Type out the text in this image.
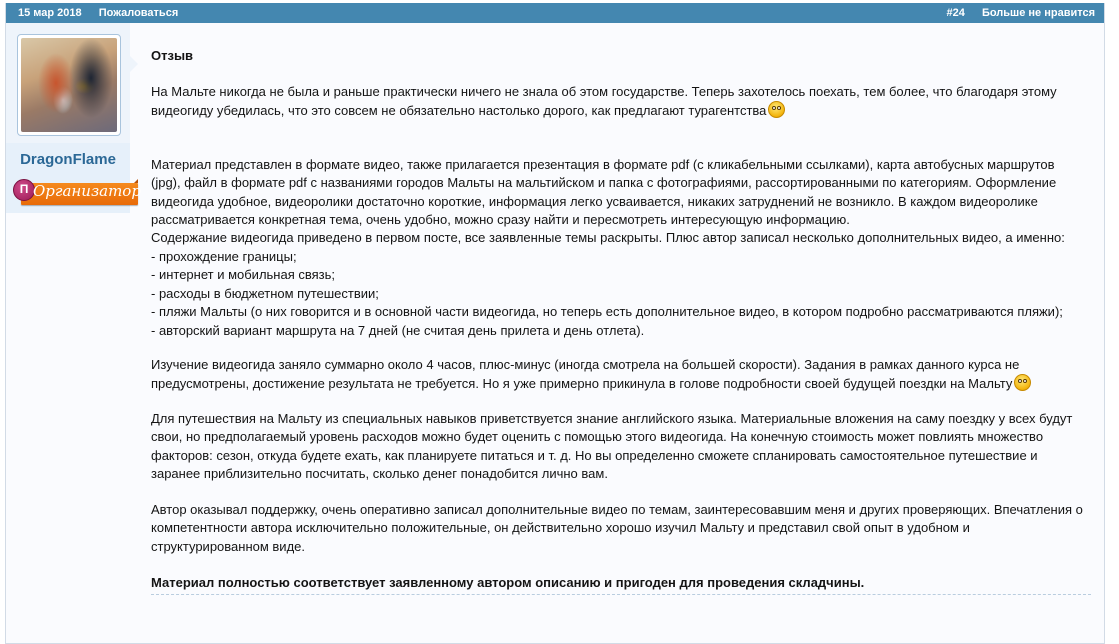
15 мар 2018 Пожаловаться	#24 Больше не нравится
DragonFlame
П Организатор

Отзыв

На Мальте никогда не была и раньше практически ничего не знала об этом государстве. Теперь захотелось поехать, тем более, что благодаря этому видеогиду убедилась, что это совсем не обязательно настолько дорого, как предлагают турагентства

Материал представлен в формате видео, также прилагается презентация в формате pdf (с кликабельными ссылками), карта автобусных маршрутов (jpg), файл в формате pdf с названиями городов Мальты на мальтийском и папка с фотографиями, рассортированными по категориям. Оформление видеогида удобное, видеоролики достаточно короткие, информация легко усваивается, никаких затруднений не возникло. В каждом видеоролике рассматривается конкретная тема, очень удобно, можно сразу найти и пересмотреть интересующую информацию.

Содержание видеогида приведено в первом посте, все заявленные темы раскрыты. Плюс автор записал несколько дополнительных видео, а именно:

- прохождение границы;

- интернет и мобильная связь;

- расходы в бюджетном путешествии;

- пляжи Мальты (о них говорится и в основной части видеогида, но теперь есть дополнительное видео, в котором подробно рассматриваются пляжи);

- авторский вариант маршрута на 7 дней (не считая день прилета и день отлета).

Изучение видеогида заняло суммарно около 4 часов, плюс-минус (иногда смотрела на большей скорости). Задания в рамках данного курса не предусмотрены, достижение результата не требуется. Но я уже примерно прикинула в голове подробности своей будущей поездки на Мальту

Для путешествия на Мальту из специальных навыков приветствуется знание английского языка. Материальные вложения на саму поездку у всех будут свои, но предполагаемый уровень расходов можно будет оценить с помощью этого видеогида. На конечную стоимость может повлиять множество факторов: сезон, откуда будете ехать, как планируете питаться и т. д. Но вы определенно сможете спланировать самостоятельное путешествие и заранее приблизительно посчитать, сколько денег понадобится лично вам.

Автор оказывал поддержку, очень оперативно записал дополнительные видео по темам, заинтересовавшим меня и других проверяющих. Впечатления о компетентности автора исключительно положительные, он действительно хорошо изучил Мальту и представил свой опыт в удобном и структурированном виде.

Материал полностью соответствует заявленному автором описанию и пригоден для проведения складчины.
